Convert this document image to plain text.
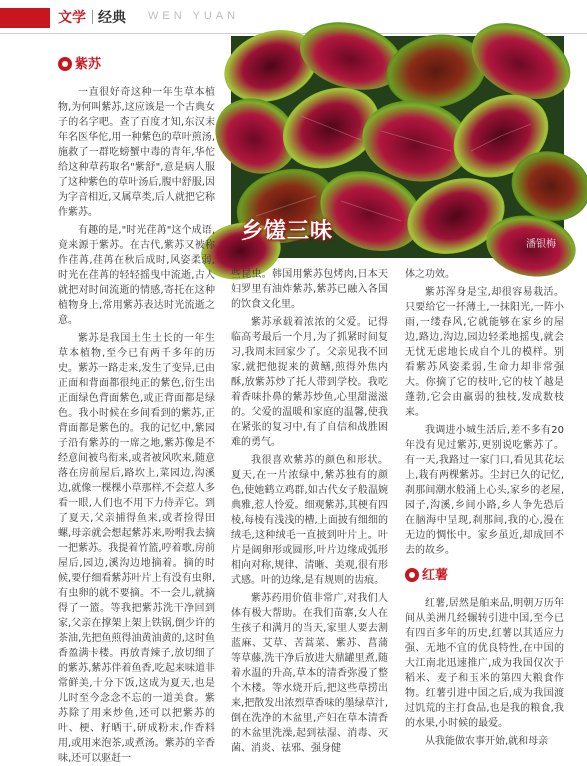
文学 经典 WEN YUAN
乡馐三味
潘银梅
紫苏

一直很好奇这种一年生草本植物,为何叫紫苏,这应该是一个古典女子的名字吧。查了百度才知,东汉末年名医华佗,用一种紫色的草叶煎汤,施救了一群吃螃蟹中毒的青年,华佗给这种草药取名"紫舒",意是病人服了这种紫色的草叶汤后,腹中舒服,因为字音相近,又属草类,后人就把它称作紫苏。

有趣的是,"时光荏苒"这个成语,竟来源于紫苏。在古代,紫苏又被称作荏苒,荏苒在秋后成时,风姿柔弱,时光在荏苒的轻轻摇曳中流逝,古人就把对时间流逝的情感,寄托在这种植物身上,常用紫苏表达时光流逝之意。

紫苏是我国土生土长的一年生草本植物,至今已有两千多年的历史。紫苏一路走来,发生了变异,已由正面和背面都很纯正的紫色,衍生出正面绿色背面紫色,或正背面都是绿色。我小时候在乡间看到的紫苏,正背面都是紫色的。我的记忆中,紫园子沿有紫苏的一席之地,紫苏像是不经意间被鸟衔来,或者被风吹来,随意落在房前屋后,路坎上,菜园边,沟溪边,就像一棵棵小草那样,不会惹人多看一眼,人们也不用下力侍弄它。到了夏天,父亲捕得鱼来,或者捡得田螺,母亲就会想起紫苏来,吩咐我去摘一把紫苏。我提着竹篮,哼着歌,房前屋后,园边,溪沟边地摘着。摘的时候,要仔细看紫苏叶片上有没有虫卵,有虫卵的就不要摘。不一会儿,就摘得了一篮。等我把紫苏洗干净回到家,父亲在撑架上架上铁锅,倒少许的茶油,先把鱼煎得油黄油黄的,这时鱼香盈满卡楼。再放青辣子,放切细了的紫苏,紫苏伴着鱼香,吃起来味道非常鲜美,十分下饭,这成为夏天,也是儿时至今念念不忘的一道美食。紫苏除了用来炒鱼,还可以把紫苏的叶、梗、籽晒干,研成粉末,作香料用,或用来泡茶,或煮汤。紫苏的辛香味,还可以驱赶一

些昆虫。韩国用紫苏包烤肉,日本天妇罗里有油炸紫苏,紫苏已融入各国的饮食文化里。

紫苏承载着浓浓的父爱。记得临高考最后一个月,为了抓紧时间复习,我周末回家少了。父亲见我不回家,就把他捉来的黄鳝,煎得外焦内酥,放紫苏炒了托人带到学校。我吃着香味扑鼻的紫苏炒鱼,心里甜滋滋的。父爱的温暖和家庭的温馨,使我在紧张的复习中,有了自信和战胜困难的勇气。

我很喜欢紫苏的颜色和形状。夏天,在一片浓绿中,紫苏独有的颜色,使她鹤立鸡群,如古代女子般温婉典雅,惹人怜爱。细观紫苏,其梗有四棱,每棱有浅浅的槽,上面披有细细的绒毛,这种绒毛一直披到叶片上。叶片是阔卵形或圆形,叶片边缘成弧形相向对称,规律、清晰、美观,很有形式感。叶的边缘,是有规则的齿痕。

紫苏药用价值非常广,对我们人体有极大帮助。在我们苗寨,女人在生孩子和满月的当天,家里人要去割蓝麻、艾草、苦蒿菜、紫苏、菖蒲等草藤,洗干净后放进大鼎罐里煮,随着水温的升高,草本的清香弥漫了整个木楼。等水烧开后,把这些草捞出来,把散发出浓烈草香味的墨绿草汁,倒在洗净的木盆里,产妇在草本清香的木盆里洗澡,起到祛湿、消毒、灭菌、消炎、祛邪、强身健

体之功效。

紫苏浑身是宝,却很容易栽活。只要给它一抔薄土,一抹阳光,一阵小雨,一缕春风,它就能够在家乡的屋边,路边,沟边,园边轻柔地摇曳,就会无忧无虑地长成自个儿的模样。别看紫苏风姿柔弱,生命力却非常强大。你摘了它的枝叶,它的枝丫越是蓬勃,它会由羸弱的独枝,发成数枝来。

我调进小城生活后,差不多有20年没有见过紫苏,更别说吃紫苏了。有一天,我路过一家门口,看见其花坛上,栽有两棵紫苏。尘封已久的记忆,刹那间潮水般涌上心头,家乡的老屋,园子,沟溪,乡间小路,乡人争先恐后在脑海中呈现,刹那间,我的心,漫在无边的惆怅中。家乡虽近,却成回不去的故乡。

红薯

红薯,居然是舶来品,明朝万历年间从美洲几经辗转引进中国,至今已有四百多年的历史,红薯以其适应力强、无地不宜的优良特性,在中国的大江南北迅速推广,成为我国仅次于稻米、麦子和玉米的第四大粮食作物。红薯引进中国之后,成为我国渡过饥荒的主打食品,也是我的粮食,我的水果,小时候的最爱。

从我能做农事开始,就和母亲
